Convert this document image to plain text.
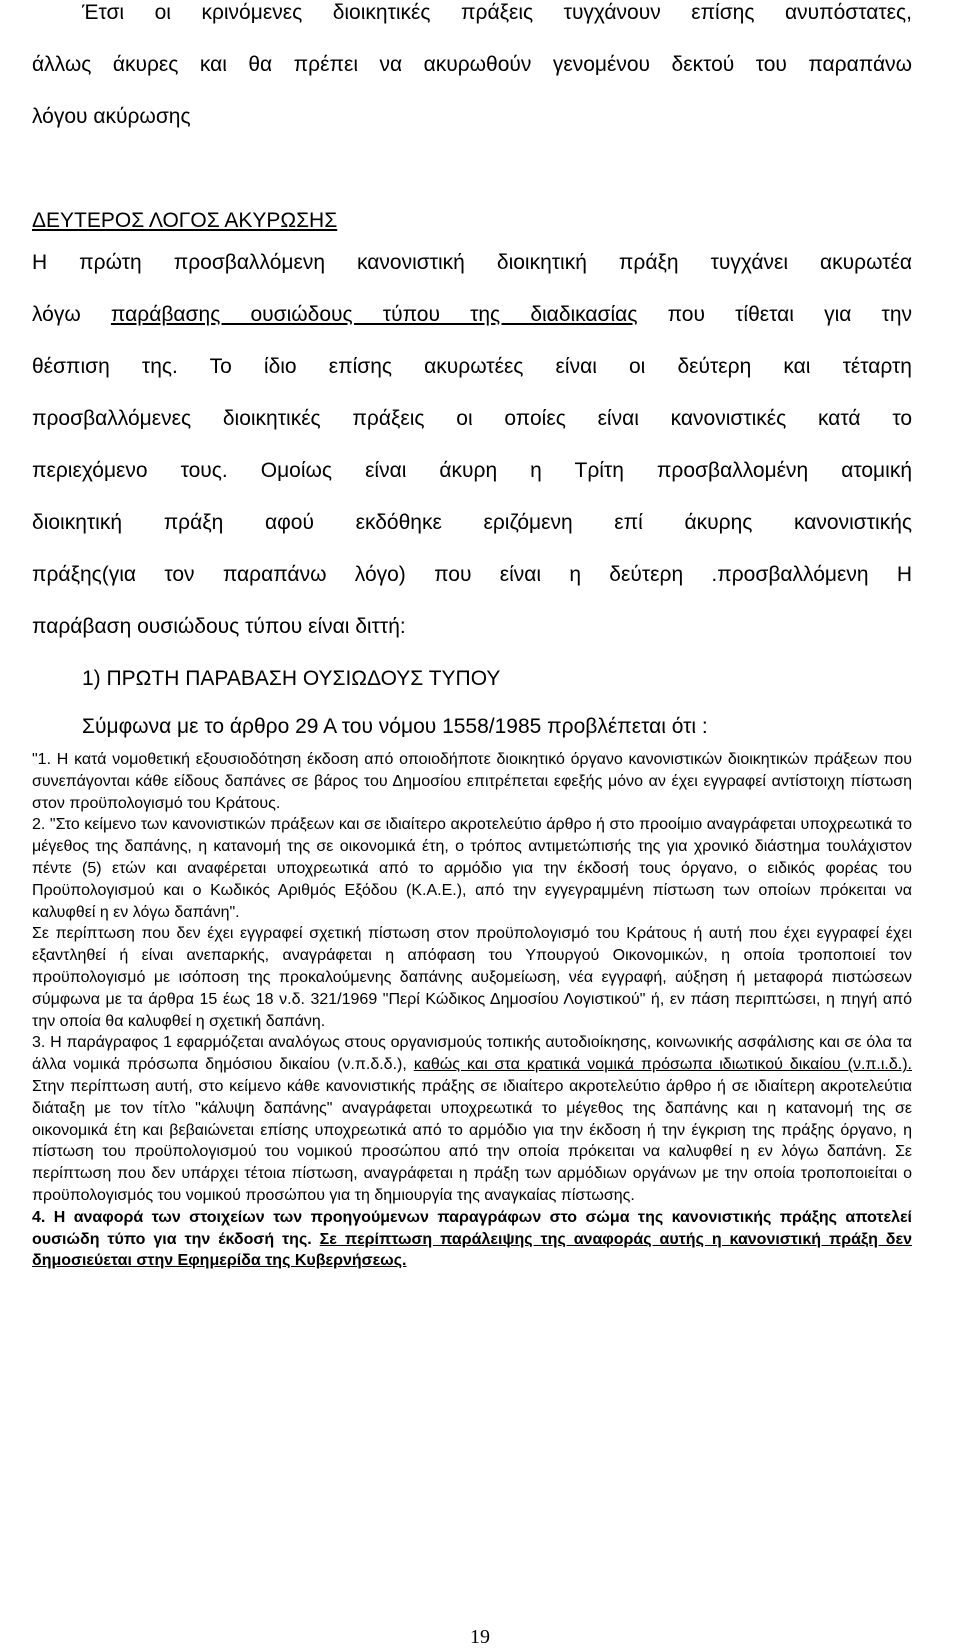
Έτσι οι κρινόμενες διοικητικές πράξεις τυγχάνουν επίσης ανυπόστατες,

άλλως άκυρες και θα πρέπει να ακυρωθούν γενομένου δεκτού του παραπάνω

λόγου ακύρωσης

ΔΕΥΤΕΡΟΣ ΛΟΓΟΣ ΑΚΥΡΩΣΗΣ

Η πρώτη προσβαλλόμενη κανονιστική διοικητική πράξη τυγχάνει ακυρωτέα

λόγω παράβασης ουσιώδους τύπου της διαδικασίας που τίθεται για την

θέσπιση της. Το ίδιο επίσης ακυρωτέες είναι οι δεύτερη και τέταρτη

προσβαλλόμενες διοικητικές πράξεις οι οποίες είναι κανονιστικές κατά το

περιεχόμενο τους. Ομοίως είναι άκυρη η Τρίτη προσβαλλομένη ατομική

διοικητική πράξη αφού εκδόθηκε εριζόμενη επί άκυρης κανονιστικής

πράξης(για τον παραπάνω λόγο) που είναι η δεύτερη .προσβαλλόμενη Η

παράβαση ουσιώδους τύπου είναι διττή:

1) ΠΡΩΤΗ ΠΑΡΑΒΑΣΗ ΟΥΣΙΩΔΟΥΣ ΤΥΠΟΥ

Σύμφωνα με το άρθρο 29 Α του νόμου 1558/1985 προβλέπεται ότι :

"1. Η κατά νομοθετική εξουσιοδότηση έκδοση από οποιοδήποτε διοικητικό όργανο κανονιστικών διοικητικών πράξεων που συνεπάγονται κάθε είδους δαπάνες σε βάρος του Δημοσίου επιτρέπεται εφεξής μόνο αν έχει εγγραφεί αντίστοιχη πίστωση στον προϋπολογισμό του Κράτους.

2. "Στο κείμενο των κανονιστικών πράξεων και σε ιδιαίτερο ακροτελεύτιο άρθρο ή στο προοίμιο αναγράφεται υποχρεωτικά το μέγεθος της δαπάνης, η κατανομή της σε οικονομικά έτη, ο τρόπος αντιμετώπισής της για χρονικό διάστημα τουλάχιστον πέντε (5) ετών και αναφέρεται υποχρεωτικά από το αρμόδιο για την έκδοσή τους όργανο, ο ειδικός φορέας του Προϋπολογισμού και ο Κωδικός Αριθμός Εξόδου (Κ.Α.Ε.), από την εγγεγραμμένη πίστωση των οποίων πρόκειται να καλυφθεί η εν λόγω δαπάνη".

Σε περίπτωση που δεν έχει εγγραφεί σχετική πίστωση στον προϋπολογισμό του Κράτους ή αυτή που έχει εγγραφεί έχει εξαντληθεί ή είναι ανεπαρκής, αναγράφεται η απόφαση του Υπουργού Οικονομικών, η οποία τροποποιεί τον προϋπολογισμό με ισόποση της προκαλούμενης δαπάνης αυξομείωση, νέα εγγραφή, αύξηση ή μεταφορά πιστώσεων σύμφωνα με τα άρθρα 15 έως 18 ν.δ. 321/1969 "Περί Κώδικος Δημοσίου Λογιστικού" ή, εν πάση περιπτώσει, η πηγή από την οποία θα καλυφθεί η σχετική δαπάνη.

3. Η παράγραφος 1 εφαρμόζεται αναλόγως στους οργανισμούς τοπικής αυτοδιοίκησης, κοινωνικής ασφάλισης και σε όλα τα άλλα νομικά πρόσωπα δημόσιου δικαίου (ν.π.δ.δ.), καθώς και στα κρατικά νομικά πρόσωπα ιδιωτικού δικαίου (ν.π.ι.δ.). Στην περίπτωση αυτή, στο κείμενο κάθε κανονιστικής πράξης σε ιδιαίτερο ακροτελεύτιο άρθρο ή σε ιδιαίτερη ακροτελεύτια διάταξη με τον τίτλο "κάλυψη δαπάνης" αναγράφεται υποχρεωτικά το μέγεθος της δαπάνης και η κατανομή της σε οικονομικά έτη και βεβαιώνεται επίσης υποχρεωτικά από το αρμόδιο για την έκδοση ή την έγκριση της πράξης όργανο, η πίστωση του προϋπολογισμού του νομικού προσώπου από την οποία πρόκειται να καλυφθεί η εν λόγω δαπάνη. Σε περίπτωση που δεν υπάρχει τέτοια πίστωση, αναγράφεται η πράξη των αρμόδιων οργάνων με την οποία τροποποιείται ο προϋπολογισμός του νομικού προσώπου για τη δημιουργία της αναγκαίας πίστωσης.

4. Η αναφορά των στοιχείων των προηγούμενων παραγράφων στο σώμα της κανονιστικής πράξης αποτελεί ουσιώδη τύπο για την έκδοσή της. Σε περίπτωση παράλειψης της αναφοράς αυτής η κανονιστική πράξη δεν δημοσιεύεται στην Εφημερίδα της Κυβερνήσεως.

19
